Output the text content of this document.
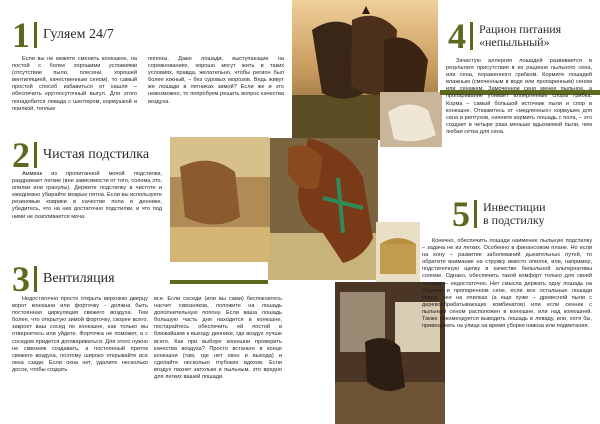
1 Гуляем 24/7
Если вы не можете сменить конюшню, на постой с более хорошими условиями (отсутствие пыли, плесени, хорошей вентиляцией, качественным сеном), то самый простой способ избавиться от кашля – обеспечить круглосуточный выгул. Для этого понадобится левада с шелтером, кормушкой и поилкой, теплые
попоны. Даже лошади, выступающие на соревнованиях, хорошо могут жить в таких условиях, правда, желательно, чтобы регион был более южный, – без суровых морозов. Ведь живут же лошади в летниках зимой? Если же и это невозможно, то попробуем решить вопрос качества воздуха.
2 Чистая подстилка
Аммиак из пропитанной мочой подстилки, раздражает легкие (вне зависимости от того, солома это, опилки или гранулы). Держите подстилку в чистоте и ежедневно убирайте мокрые пятна. Если вы используете резиновые коврики в качестве пола в деннике, убедитесь, что на них достаточно подстилки, и что под ними не скапливается моча.
3 Вентиляция
Недостаточно просто открыть верхнюю дверцу ворот конюшни или форточку - должна быть постоянная циркуляция свежего воздуха. Тем более, что открытую зимой форточку, скорее всего, закроет ваш сосед по конюшне, как только вы отвернетесь или уйдете. Форточка не поможет, а с соседом придется договариваться. Для этого нужно не сквозняк создавать, а постоянный приток свежего воздуха, поэтому широко открывайте все окна сзади. Если окна нет, удалите несколько досок, чтобы создать
все. Если соседи (или вы сами) беспокоитесь насчет сквозняков, положите на лошадь дополнительную попону. Если ваша лошадь большую часть дня находится в конюшне, постарайтесь обеспечить ей постой в ближайшем к выходу деннике, где воздух лучше всего. Как при выборе конюшни проверить качества воздуха? Просто встаньте в конце конюшни (там, где нет окон и выхода) и сделайте несколько глубоких вдохов. Если воздух пахнет затхлым и пыльным, это вредно для легких вашей лошади.
4 Рацион питания
«непыльный»
Зачастую аллергия лошадей развивается в результате присутствия в их рационе пыльного сена, или сена, пораженного грибком. Кормите лошадей влажным (смоченным в воде или пропаренным) сеном или сенажем. Замоченное сено менее пыльное, а пропаривание убивает аллергенные споры грибка. Корма – самый большой источник пыли и спор в конюшне. Откажитесь от «медленных» кормушек для сена и рептухов, начните кормить лошадь с пола, – это создает в четыре раза меньше вдыхаемой пыли, чем любая сетка для сена.
5 Инвестиции
в подстилку
Конечно, обеспечить лошади наименее пыльную подстилку – задача не из легких. Особенно в финансовом плане. Но если на кону – развитие заболеваний дыхательных путей, то обратите внимание на стружку вместо опилок, или, например, подстилочную щепку в качестве бепыльной альтернативы соломе. Однако, обеспечить такой комфорт только для своей лошади – недостаточно. Нет смысла держать одну лошадь на стружке и пропаренном сене, если все остальные лошади вокруг нее на опилках (а еще хуже – древесной пыли с деревообрабатывающих комбинатов) или если сенник с пыльным сеном расположен в конюшне, или над конюшней. Также рекомендуется выводить лошадь в леваду, или, хотя бы, привязывать на улице на время уборки навоза или подметания.
